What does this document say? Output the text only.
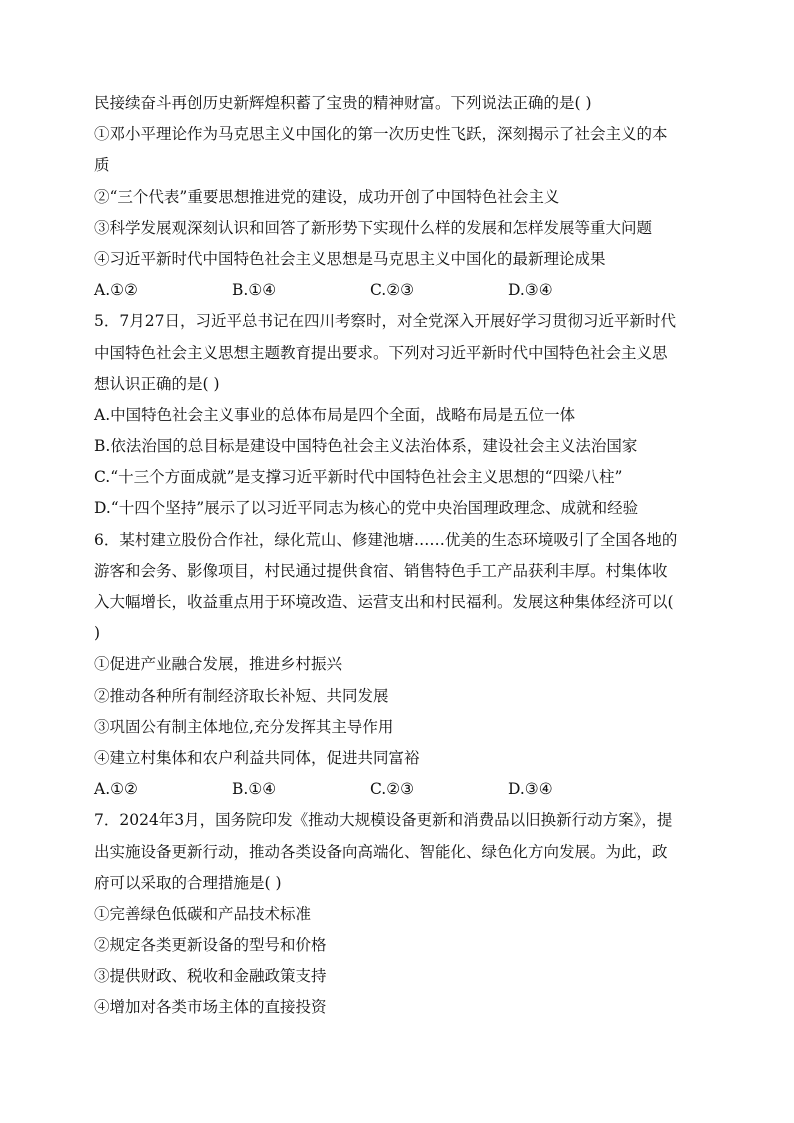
民接续奋斗再创历史新辉煌积蓄了宝贵的精神财富。下列说法正确的是( )
①邓小平理论作为马克思主义中国化的第一次历史性飞跃，深刻揭示了社会主义的本
质
②“三个代表”重要思想推进党的建设，成功开创了中国特色社会主义
③科学发展观深刻认识和回答了新形势下实现什么样的发展和怎样发展等重大问题
④习近平新时代中国特色社会主义思想是马克思主义中国化的最新理论成果
A.①②	B.①④	C.②③	D.③④
5．7月27日，习近平总书记在四川考察时，对全党深入开展好学习贯彻习近平新时代
中国特色社会主义思想主题教育提出要求。下列对习近平新时代中国特色社会主义思
想认识正确的是( )
A.中国特色社会主义事业的总体布局是四个全面，战略布局是五位一体
B.依法治国的总目标是建设中国特色社会主义法治体系，建设社会主义法治国家
C.“十三个方面成就”是支撑习近平新时代中国特色社会主义思想的“四梁八柱”
D.“十四个坚持”展示了以习近平同志为核心的党中央治国理政理念、成就和经验
6．某村建立股份合作社，绿化荒山、修建池塘……优美的生态环境吸引了全国各地的
游客和会务、影像项目，村民通过提供食宿、销售特色手工产品获利丰厚。村集体收
入大幅增长，收益重点用于环境改造、运营支出和村民福利。发展这种集体经济可以(
)
①促进产业融合发展，推进乡村振兴
②推动各种所有制经济取长补短、共同发展
③巩固公有制主体地位,充分发挥其主导作用
④建立村集体和农户利益共同体，促进共同富裕
A.①②	B.①④	C.②③	D.③④
7．2024年3月，国务院印发《推动大规模设备更新和消费品以旧换新行动方案》，提
出实施设备更新行动，推动各类设备向高端化、智能化、绿色化方向发展。为此，政
府可以采取的合理措施是( )
①完善绿色低碳和产品技术标准
②规定各类更新设备的型号和价格
③提供财政、税收和金融政策支持
④增加对各类市场主体的直接投资
